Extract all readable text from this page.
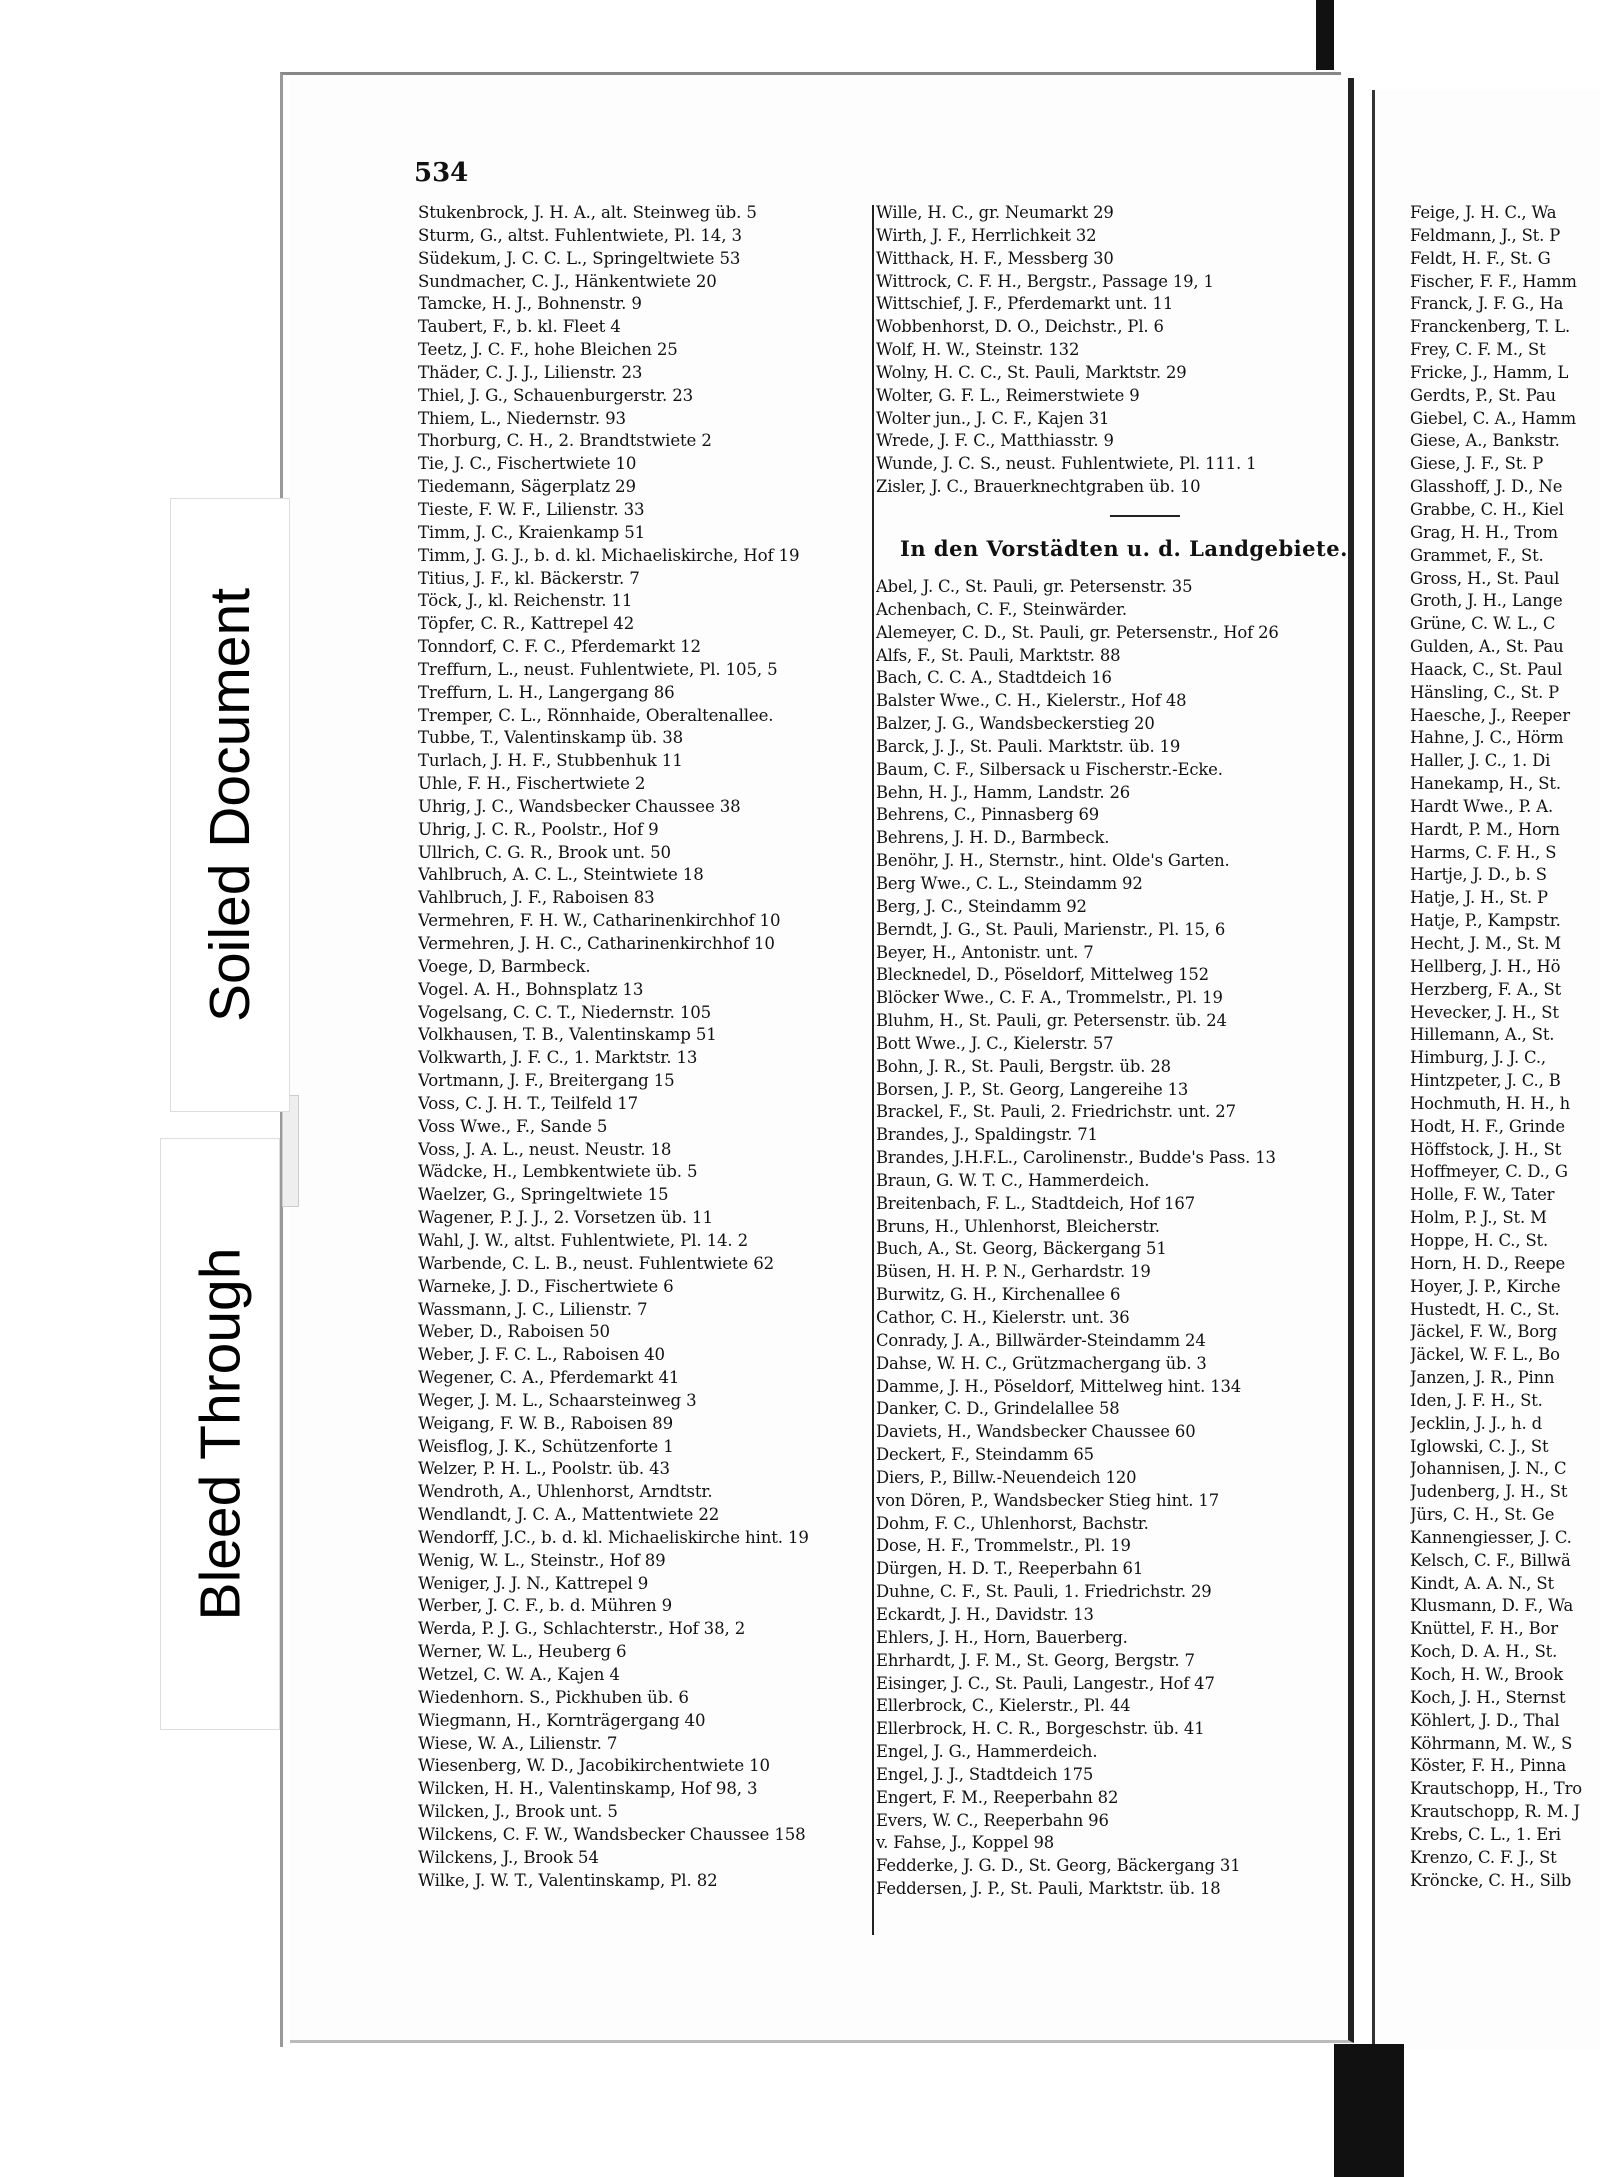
534
Stukenbrock, J. H. A., alt. Steinweg üb. 5
Sturm, G., altst. Fuhlentwiete, Pl. 14, 3
Südekum, J. C. C. L., Springeltwiete 53
Sundmacher, C. J., Hänkentwiete 20
Tamcke, H. J., Bohnenstr. 9
Taubert, F., b. kl. Fleet 4
Teetz, J. C. F., hohe Bleichen 25
Thäder, C. J. J., Lilienstr. 23
Thiel, J. G., Schauenburgerstr. 23
Thiem, L., Niedernstr. 93
Thorburg, C. H., 2. Brandtstwiete 2
Tie, J. C., Fischertwiete 10
Tiedemann, Sägerplatz 29
Tieste, F. W. F., Lilienstr. 33
Timm, J. C., Kraienkamp 51
Timm, J. G. J., b. d. kl. Michaeliskirche, Hof 19
Titius, J. F., kl. Bäckerstr. 7
Töck, J., kl. Reichenstr. 11
Töpfer, C. R., Kattrepel 42
Tonndorf, C. F. C., Pferdemarkt 12
Treffurn, L., neust. Fuhlentwiete, Pl. 105, 5
Treffurn, L. H., Langergang 86
Tremper, C. L., Rönnhaide, Oberaltenallee.
Tubbe, T., Valentinskamp üb. 38
Turlach, J. H. F., Stubbenhuk 11
Uhle, F. H., Fischertwiete 2
Uhrig, J. C., Wandsbecker Chaussee 38
Uhrig, J. C. R., Poolstr., Hof 9
Ullrich, C. G. R., Brook unt. 50
Vahlbruch, A. C. L., Steintwiete 18
Vahlbruch, J. F., Raboisen 83
Vermehren, F. H. W., Catharinenkirchhof 10
Vermehren, J. H. C., Catharinenkirchhof 10
Voege, D, Barmbeck.
Vogel. A. H., Bohnsplatz 13
Vogelsang, C. C. T., Niedernstr. 105
Volkhausen, T. B., Valentinskamp 51
Volkwarth, J. F. C., 1. Marktstr. 13
Vortmann, J. F., Breitergang 15
Voss, C. J. H. T., Teilfeld 17
Voss Wwe., F., Sande 5
Voss, J. A. L., neust. Neustr. 18
Wädcke, H., Lembkentwiete üb. 5
Waelzer, G., Springeltwiete 15
Wagener, P. J. J., 2. Vorsetzen üb. 11
Wahl, J. W., altst. Fuhlentwiete, Pl. 14. 2
Warbende, C. L. B., neust. Fuhlentwiete 62
Warneke, J. D., Fischertwiete 6
Wassmann, J. C., Lilienstr. 7
Weber, D., Raboisen 50
Weber, J. F. C. L., Raboisen 40
Wegener, C. A., Pferdemarkt 41
Weger, J. M. L., Schaarsteinweg 3
Weigang, F. W. B., Raboisen 89
Weisflog, J. K., Schützenforte 1
Welzer, P. H. L., Poolstr. üb. 43
Wendroth, A., Uhlenhorst, Arndtstr.
Wendlandt, J. C. A., Mattentwiete 22
Wendorff, J.C., b. d. kl. Michaeliskirche hint. 19
Wenig, W. L., Steinstr., Hof 89
Weniger, J. J. N., Kattrepel 9
Werber, J. C. F., b. d. Mühren 9
Werda, P. J. G., Schlachterstr., Hof 38, 2
Werner, W. L., Heuberg 6
Wetzel, C. W. A., Kajen 4
Wiedenhorn. S., Pickhuben üb. 6
Wiegmann, H., Kornträgergang 40
Wiese, W. A., Lilienstr. 7
Wiesenberg, W. D., Jacobikirchentwiete 10
Wilcken, H. H., Valentinskamp, Hof 98, 3
Wilcken, J., Brook unt. 5
Wilckens, C. F. W., Wandsbecker Chaussee 158
Wilckens, J., Brook 54
Wilke, J. W. T., Valentinskamp, Pl. 82
Wille, H. C., gr. Neumarkt 29
Wirth, J. F., Herrlichkeit 32
Witthack, H. F., Messberg 30
Wittrock, C. F. H., Bergstr., Passage 19, 1
Wittschief, J. F., Pferdemarkt unt. 11
Wobbenhorst, D. O., Deichstr., Pl. 6
Wolf, H. W., Steinstr. 132
Wolny, H. C. C., St. Pauli, Marktstr. 29
Wolter, G. F. L., Reimerstwiete 9
Wolter jun., J. C. F., Kajen 31
Wrede, J. F. C., Matthiasstr. 9
Wunde, J. C. S., neust. Fuhlentwiete, Pl. 111. 1
Zisler, J. C., Brauerknechtgraben üb. 10
In den Vorstädten u. d. Landgebiete.
Abel, J. C., St. Pauli, gr. Petersenstr. 35
Achenbach, C. F., Steinwärder.
Alemeyer, C. D., St. Pauli, gr. Petersenstr., Hof 26
Alfs, F., St. Pauli, Marktstr. 88
Bach, C. C. A., Stadtdeich 16
Balster Wwe., C. H., Kielerstr., Hof 48
Balzer, J. G., Wandsbeckerstieg 20
Barck, J. J., St. Pauli. Marktstr. üb. 19
Baum, C. F., Silbersack u Fischerstr.-Ecke.
Behn, H. J., Hamm, Landstr. 26
Behrens, C., Pinnasberg 69
Behrens, J. H. D., Barmbeck.
Benöhr, J. H., Sternstr., hint. Olde's Garten.
Berg Wwe., C. L., Steindamm 92
Berg, J. C., Steindamm 92
Berndt, J. G., St. Pauli, Marienstr., Pl. 15, 6
Beyer, H., Antonistr. unt. 7
Blecknedel, D., Pöseldorf, Mittelweg 152
Blöcker Wwe., C. F. A., Trommelstr., Pl. 19
Bluhm, H., St. Pauli, gr. Petersenstr. üb. 24
Bott Wwe., J. C., Kielerstr. 57
Bohn, J. R., St. Pauli, Bergstr. üb. 28
Borsen, J. P., St. Georg, Langereihe 13
Brackel, F., St. Pauli, 2. Friedrichstr. unt. 27
Brandes, J., Spaldingstr. 71
Brandes, J.H.F.L., Carolinenstr., Budde's Pass. 13
Braun, G. W. T. C., Hammerdeich.
Breitenbach, F. L., Stadtdeich, Hof 167
Bruns, H., Uhlenhorst, Bleicherstr.
Buch, A., St. Georg, Bäckergang 51
Büsen, H. H. P. N., Gerhardstr. 19
Burwitz, G. H., Kirchenallee 6
Cathor, C. H., Kielerstr. unt. 36
Conrady, J. A., Billwärder-Steindamm 24
Dahse, W. H. C., Grützmachergang üb. 3
Damme, J. H., Pöseldorf, Mittelweg hint. 134
Danker, C. D., Grindelallee 58
Daviets, H., Wandsbecker Chaussee 60
Deckert, F., Steindamm 65
Diers, P., Billw.-Neuendeich 120
von Dören, P., Wandsbecker Stieg hint. 17
Dohm, F. C., Uhlenhorst, Bachstr.
Dose, H. F., Trommelstr., Pl. 19
Dürgen, H. D. T., Reeperbahn 61
Duhne, C. F., St. Pauli, 1. Friedrichstr. 29
Eckardt, J. H., Davidstr. 13
Ehlers, J. H., Horn, Bauerberg.
Ehrhardt, J. F. M., St. Georg, Bergstr. 7
Eisinger, J. C., St. Pauli, Langestr., Hof 47
Ellerbrock, C., Kielerstr., Pl. 44
Ellerbrock, H. C. R., Borgeschstr. üb. 41
Engel, J. G., Hammerdeich.
Engel, J. J., Stadtdeich 175
Engert, F. M., Reeperbahn 82
Evers, W. C., Reeperbahn 96
v. Fahse, J., Koppel 98
Fedderke, J. G. D., St. Georg, Bäckergang 31
Feddersen, J. P., St. Pauli, Marktstr. üb. 18
Feige, J. H. C., Wa
Feldmann, J., St. P
Feldt, H. F., St. G
Fischer, F. F., Hamm
Franck, J. F. G., Ha
Franckenberg, T. L.
Frey, C. F. M., St
Fricke, J., Hamm, L
Gerdts, P., St. Pau
Giebel, C. A., Hamm
Giese, A., Bankstr.
Giese, J. F., St. P
Glasshoff, J. D., Ne
Grabbe, C. H., Kiel
Grag, H. H., Trom
Grammet, F., St.
Gross, H., St. Paul
Groth, J. H., Lange
Grüne, C. W. L., C
Gulden, A., St. Pau
Haack, C., St. Paul
Hänsling, C., St. P
Haesche, J., Reeper
Hahne, J. C., Hörm
Haller, J. C., 1. Di
Hanekamp, H., St.
Hardt Wwe., P. A.
Hardt, P. M., Horn
Harms, C. F. H., S
Hartje, J. D., b. S
Hatje, J. H., St. P
Hatje, P., Kampstr.
Hecht, J. M., St. M
Hellberg, J. H., Hö
Herzberg, F. A., St
Hevecker, J. H., St
Hillemann, A., St.
Himburg, J. J. C.,
Hintzpeter, J. C., B
Hochmuth, H. H., h
Hodt, H. F., Grinde
Höffstock, J. H., St
Hoffmeyer, C. D., G
Holle, F. W., Tater
Holm, P. J., St. M
Hoppe, H. C., St.
Horn, H. D., Reepe
Hoyer, J. P., Kirche
Hustedt, H. C., St.
Jäckel, F. W., Borg
Jäckel, W. F. L., Bo
Janzen, J. R., Pinn
Iden, J. F. H., St.
Jecklin, J. J., h. d
Iglowski, C. J., St
Johannisen, J. N., C
Judenberg, J. H., St
Jürs, C. H., St. Ge
Kannengiesser, J. C.
Kelsch, C. F., Billwä
Kindt, A. A. N., St
Klusmann, D. F., Wa
Knüttel, F. H., Bor
Koch, D. A. H., St.
Koch, H. W., Brook
Koch, J. H., Sternst
Köhlert, J. D., Thal
Köhrmann, M. W., S
Köster, F. H., Pinna
Krautschopp, H., Tro
Krautschopp, R. M. J
Krebs, C. L., 1. Eri
Krenzo, C. F. J., St
Kröncke, C. H., Silb
Soiled Document
Bleed Through
